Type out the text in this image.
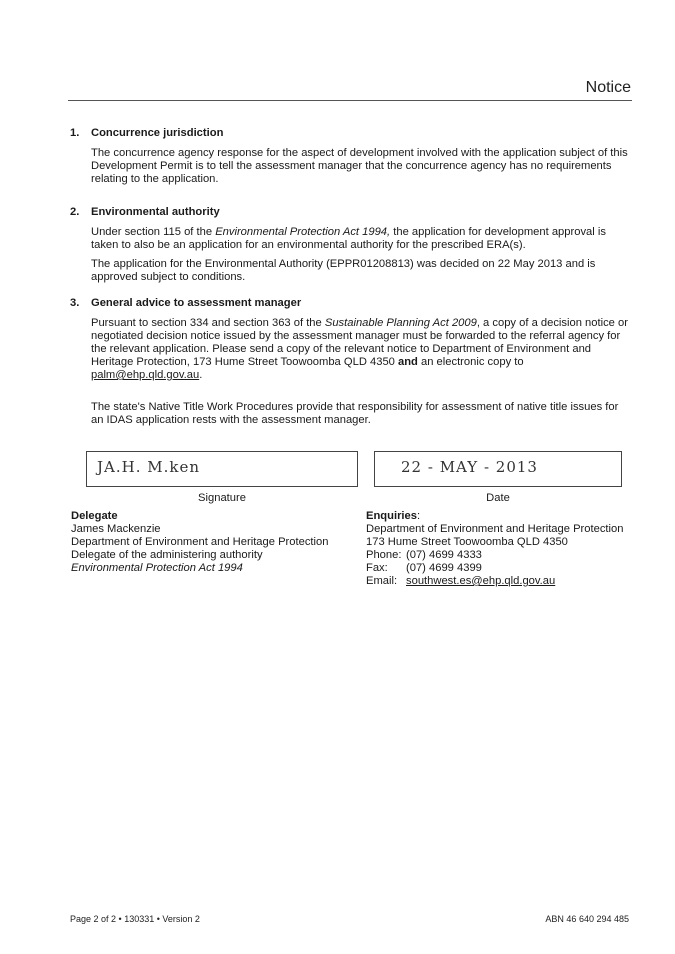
Notice
1.	Concurrence jurisdiction
The concurrence agency response for the aspect of development involved with the application subject of this Development Permit is to tell the assessment manager that the concurrence agency has no requirements relating to the application.
2.	Environmental authority
Under section 115 of the Environmental Protection Act 1994, the application for development approval is taken to also be an application for an environmental authority for the prescribed ERA(s).
The application for the Environmental Authority (EPPR01208813) was decided on 22 May 2013 and is approved subject to conditions.
3.	General advice to assessment manager
Pursuant to section 334 and section 363 of the Sustainable Planning Act 2009, a copy of a decision notice or negotiated decision notice issued by the assessment manager must be forwarded to the referral agency for the relevant application. Please send a copy of the relevant notice to Department of Environment and Heritage Protection, 173 Hume Street Toowoomba QLD 4350 and an electronic copy to palm@ehp.qld.gov.au.
The state's Native Title Work Procedures provide that responsibility for assessment of native title issues for an IDAS application rests with the assessment manager.
JA.H. M.ken
Signature
22 - MAY - 2013
Date
Delegate
James Mackenzie
Department of Environment and Heritage Protection
Delegate of the administering authority
Environmental Protection Act 1994
Enquiries:
Department of Environment and Heritage Protection
173 Hume Street Toowoomba QLD 4350
Phone: (07) 4699 4333
Fax:	(07) 4699 4399
Email: southwest.es@ehp.qld.gov.au
Page 2 of 2 • 130331 • Version 2	ABN 46 640 294 485
